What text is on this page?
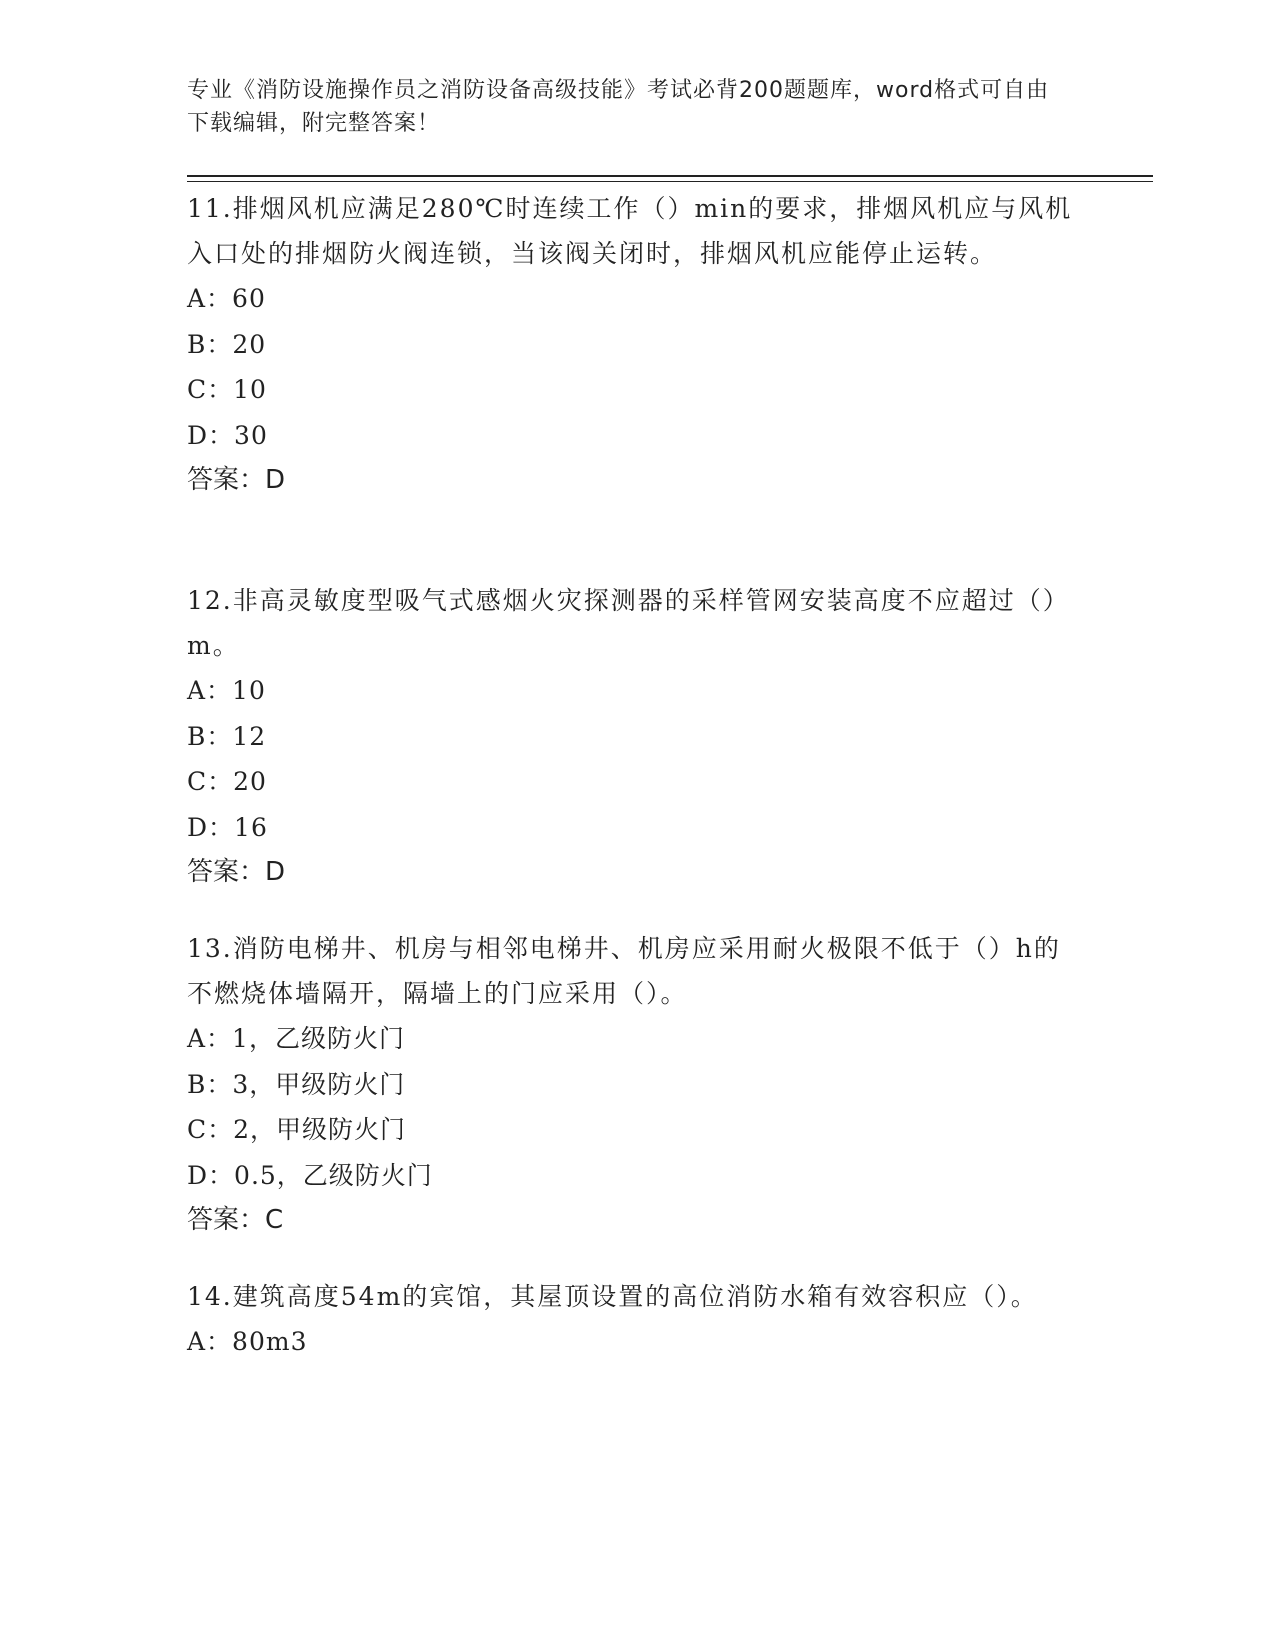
专业《消防设施操作员之消防设备高级技能》考试必背200题题库，word格式可自由下载编辑，附完整答案！

11.排烟风机应满足280℃时连续工作（）min的要求，排烟风机应与风机入口处的排烟防火阀连锁，当该阀关闭时，排烟风机应能停止运转。

A：60

B：20

C：10

D：30

答案：D

12.非高灵敏度型吸气式感烟火灾探测器的采样管网安装高度不应超过（）m。

A：10

B：12

C：20

D：16

答案：D

13.消防电梯井、机房与相邻电梯井、机房应采用耐火极限不低于（）h的不燃烧体墙隔开，隔墙上的门应采用（）。

A：1，乙级防火门

B：3，甲级防火门

C：2，甲级防火门

D：0.5，乙级防火门

答案：C

14.建筑高度54m的宾馆，其屋顶设置的高位消防水箱有效容积应（）。

A：80m3
